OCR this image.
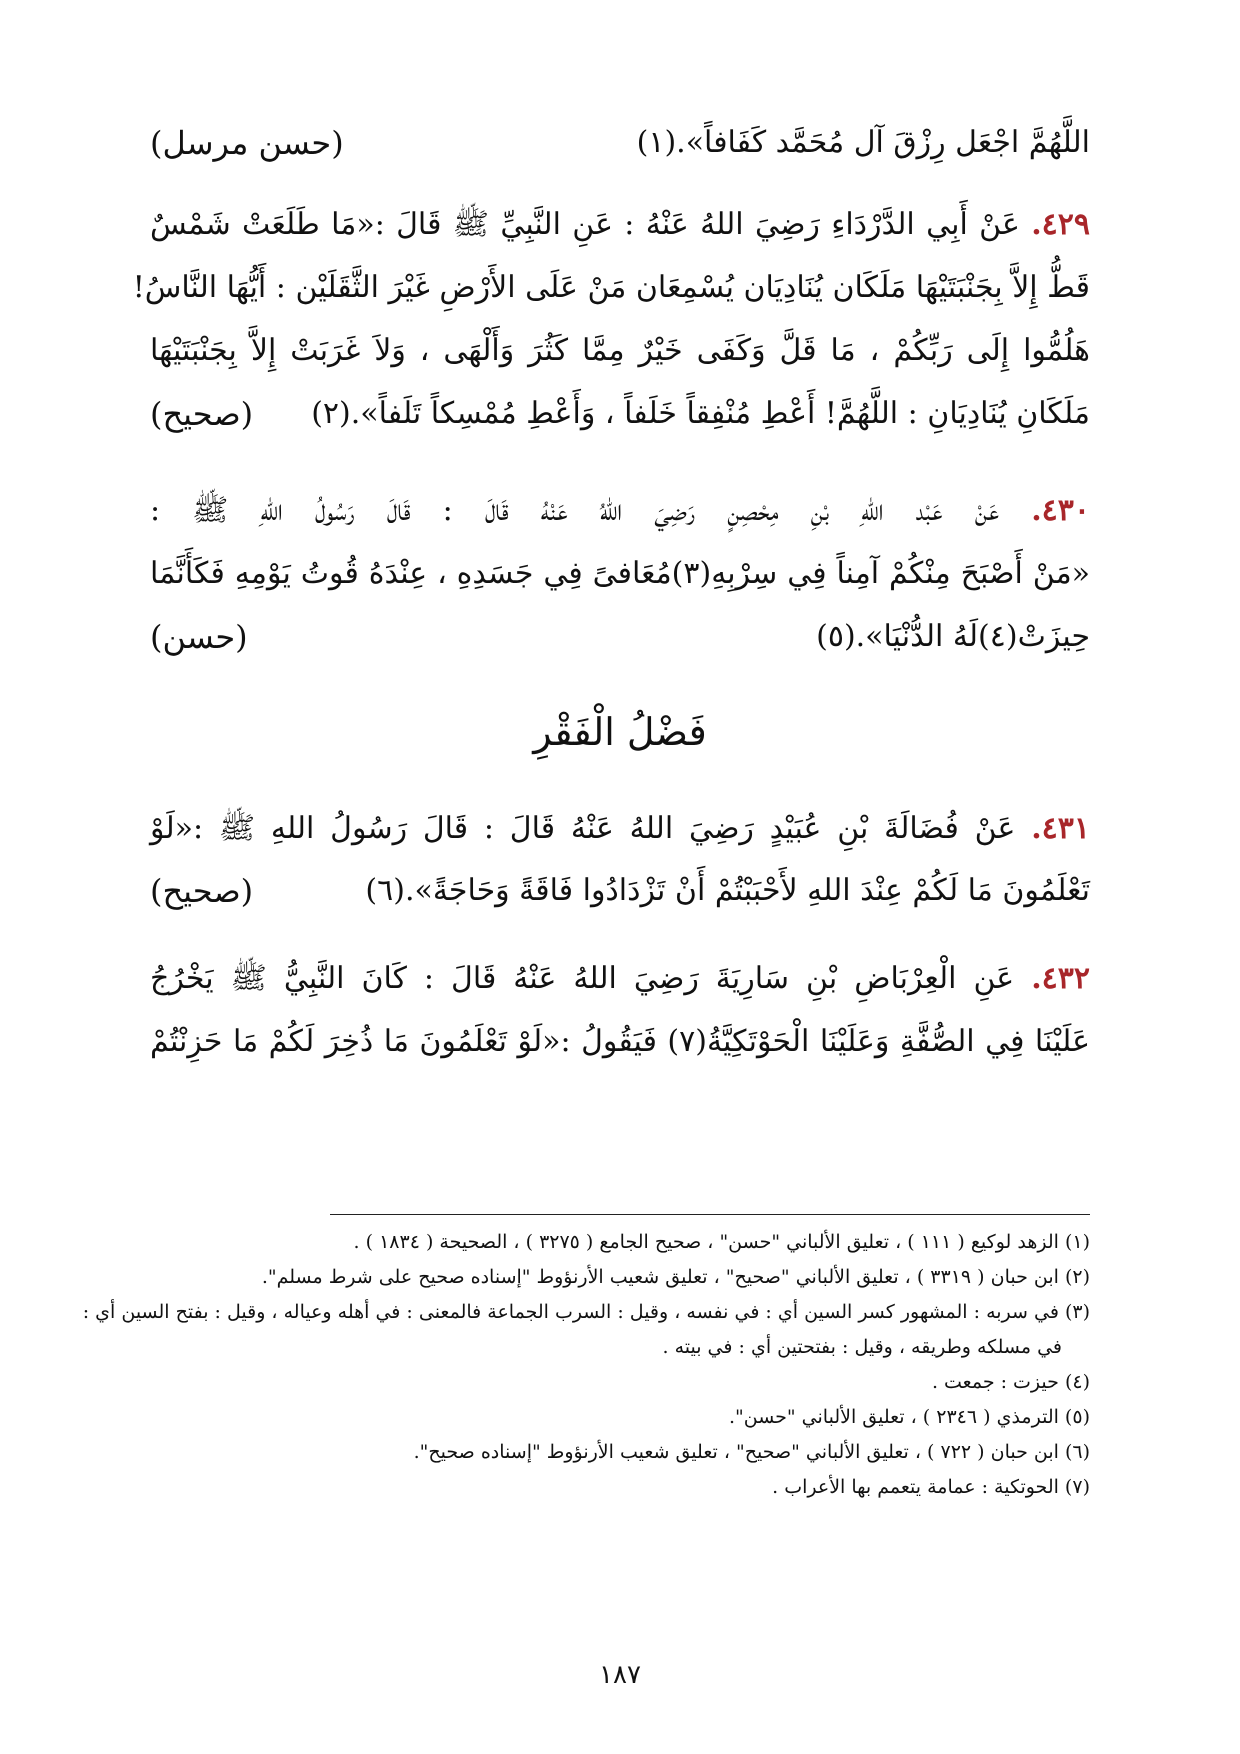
اللَّهُمَّ اجْعَل رِزْقَ آل مُحَمَّد كَفَافاً».(١)
(حسن مرسل)
٤٢٩. عَنْ أَبِي الدَّرْدَاءِ رَضِيَ اللهُ عَنْهُ : عَنِ النَّبِيِّ ﷺ قَالَ :«مَا طَلَعَتْ شَمْسٌ
قَطُّ إِلاَّ بِجَنْبَتَيْهَا مَلَكَان يُنَادِيَان يُسْمِعَان مَنْ عَلَى الأَرْضِ غَيْرَ الثَّقَلَيْن : أَيُّهَا النَّاسُ!
هَلُمُّوا إِلَى رَبِّكُمْ ، مَا قَلَّ وَكَفَى خَيْرٌ مِمَّا كَثُرَ وَأَلْهَى ، وَلاَ غَرَبَتْ إِلاَّ بِجَنْبَتَيْهَا
مَلَكَانِ يُنَادِيَانِ : اللَّهُمَّ! أَعْطِ مُنْفِقاً خَلَفاً ، وَأَعْطِ مُمْسِكاً تَلَفاً».(٢)
(صحيح)
٤٣٠. عَنْ عَبْد اللهِ بْنِ مِحْصِنٍ رَضِيَ اللهُ عَنْهُ قَالَ : قَالَ رَسُولُ اللهِ ﷺ :
«مَنْ أَصْبَحَ مِنْكُمْ آمِناً فِي سِرْبِهِ(٣)مُعَافىً فِي جَسَدِهِ ، عِنْدَهُ قُوتُ يَوْمِهِ فَكَأَنَّمَا
حِيزَتْ(٤)لَهُ الدُّنْيَا».(٥)
(حسن)
فَضْلُ الْفَقْرِ
٤٣١. عَنْ فُضَالَةَ بْنِ عُبَيْدٍ رَضِيَ اللهُ عَنْهُ قَالَ : قَالَ رَسُولُ اللهِ ﷺ :«لَوْ
تَعْلَمُونَ مَا لَكُمْ عِنْدَ اللهِ لأَحْبَبْتُمْ أَنْ تَزْدَادُوا فَاقَةً وَحَاجَةً».(٦)
(صحيح)
٤٣٢. عَنِ الْعِرْبَاضِ بْنِ سَارِيَةَ رَضِيَ اللهُ عَنْهُ قَالَ : كَانَ النَّبِيُّ ﷺ يَخْرُجُ
عَلَيْنَا فِي الصُّفَّةِ وَعَلَيْنَا الْحَوْتَكِيَّةُ(٧) فَيَقُولُ :«لَوْ تَعْلَمُونَ مَا ذُخِرَ لَكُمْ مَا حَزِنْتُمْ
(١) الزهد لوكيع ( ١١١ ) ، تعليق الألباني "حسن" ، صحيح الجامع ( ٣٢٧٥ ) ، الصحيحة ( ١٨٣٤ ) .
(٢) ابن حبان ( ٣٣١٩ ) ، تعليق الألباني "صحيح" ، تعليق شعيب الأرنؤوط "إسناده صحيح على شرط مسلم".
(٣) في سربه : المشهور كسر السين أي : في نفسه ، وقيل : السرب الجماعة فالمعنى : في أهله وعياله ، وقيل : بفتح السين أي :
في مسلكه وطريقه ، وقيل : بفتحتين أي : في بيته .
(٤) حيزت : جمعت .
(٥) الترمذي ( ٢٣٤٦ ) ، تعليق الألباني "حسن".
(٦) ابن حبان ( ٧٢٢ ) ، تعليق الألباني "صحيح" ، تعليق شعيب الأرنؤوط "إسناده صحيح".
(٧) الحوتكية : عمامة يتعمم بها الأعراب .
١٨٧
